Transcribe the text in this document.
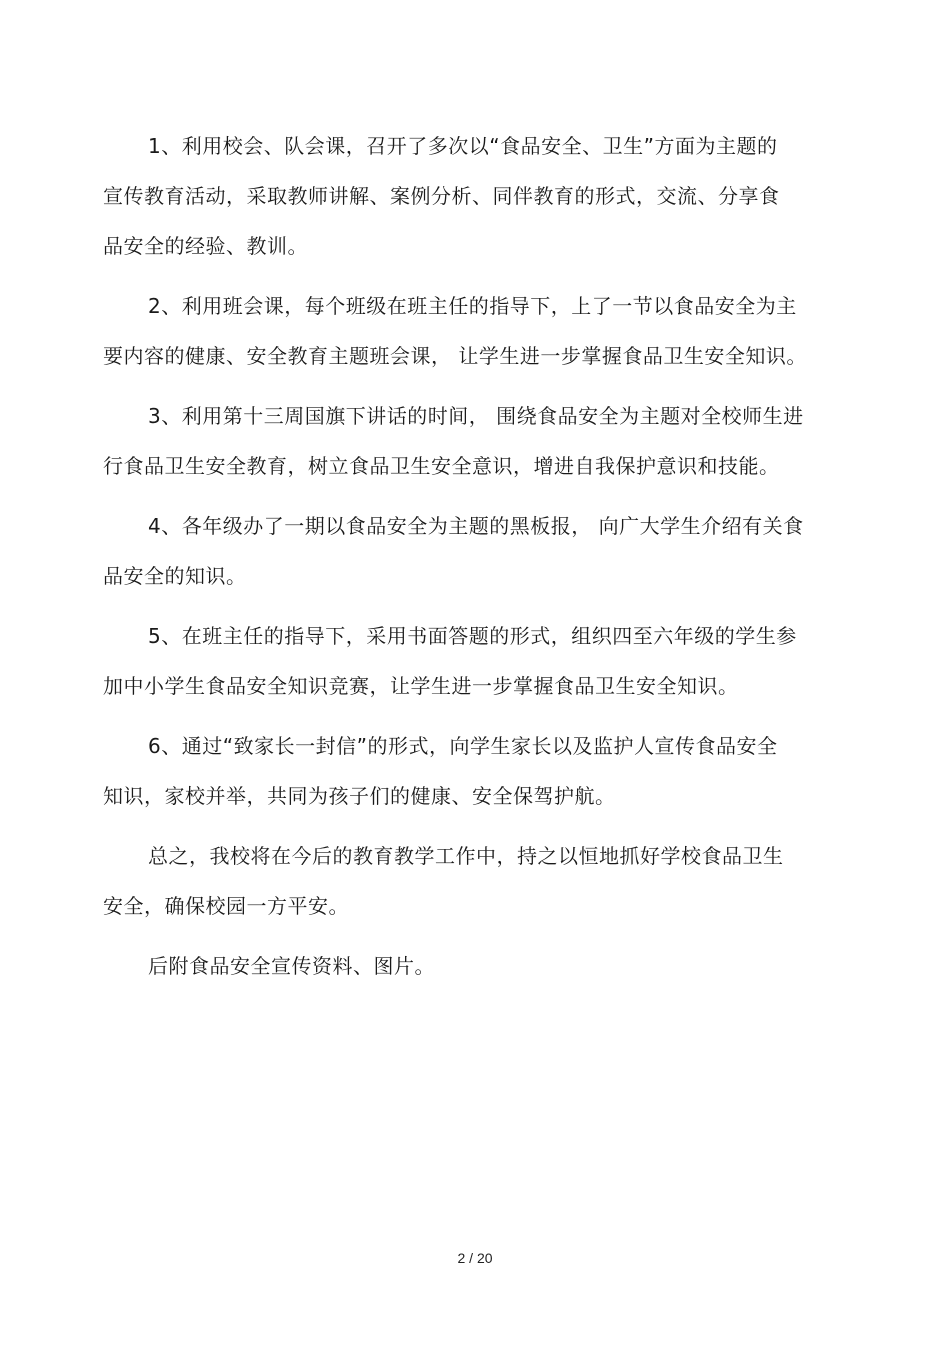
1、利用校会、队会课，召开了多次以“食品安全、卫生”方面为主题的
宣传教育活动，采取教师讲解、案例分析、同伴教育的形式，交流、分享食
品安全的经验、教训。

2、利用班会课，每个班级在班主任的指导下，上了一节以食品安全为主
要内容的健康、安全教育主题班会课， 让学生进一步掌握食品卫生安全知识。

3、利用第十三周国旗下讲话的时间， 围绕食品安全为主题对全校师生进
行食品卫生安全教育，树立食品卫生安全意识，增进自我保护意识和技能。

4、各年级办了一期以食品安全为主题的黑板报， 向广大学生介绍有关食
品安全的知识。

5、在班主任的指导下，采用书面答题的形式，组织四至六年级的学生参
加中小学生食品安全知识竞赛，让学生进一步掌握食品卫生安全知识。

6、通过“致家长一封信”的形式，向学生家长以及监护人宣传食品安全
知识，家校并举，共同为孩子们的健康、安全保驾护航。

总之，我校将在今后的教育教学工作中，持之以恒地抓好学校食品卫生
安全，确保校园一方平安。

后附食品安全宣传资料、图片。

2 / 20
